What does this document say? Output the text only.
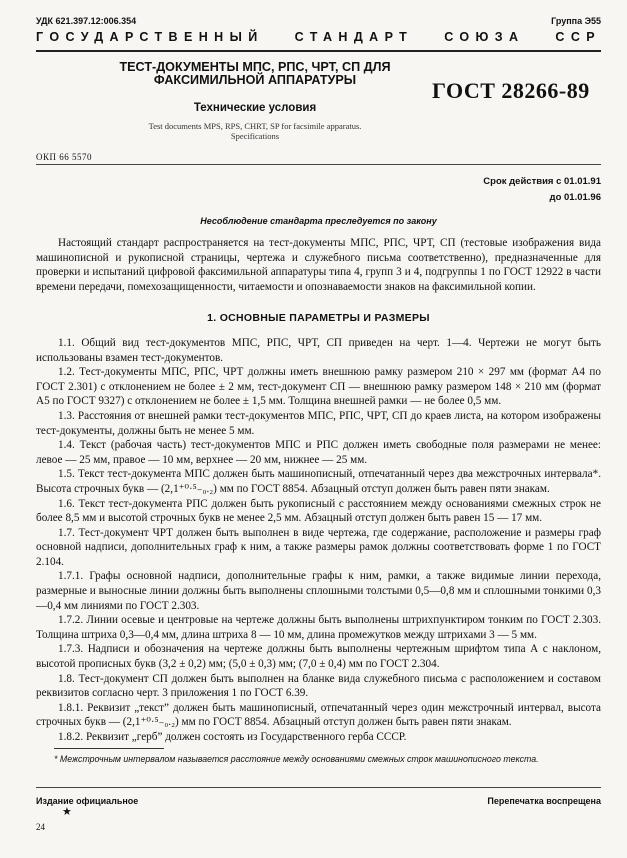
УДК 621.397.12:006.354	Группа Э55
ГОСУДАРСТВЕННЫЙ СТАНДАРТ СОЮЗА ССР
ТЕСТ-ДОКУМЕНТЫ МПС, РПС, ЧРТ, СП ДЛЯ
ФАКСИМИЛЬНОЙ АППАРАТУРЫ	ГОСТ 28266-89
Технические условия
Test documents MPS, RPS, CHRT, SP for facsimile apparatus.
Specifications
ОКП 66 5570
Срок действия с 01.01.91
до 01.01.96
Несоблюдение стандарта преследуется по закону

Настоящий стандарт распространяется на тест-документы МПС, РПС, ЧРТ, СП (тестовые изображения вида машинописной и рукописной страницы, чертежа и служебного письма соответственно), предназначенные для проверки и испытаний цифровой факсимильной аппаратуры типа 4, групп 3 и 4, подгруппы 1 по ГОСТ 12922 в части времени передачи, помехозащищенности, читаемости и опознаваемости знаков на факсимильной копии.

1. ОСНОВНЫЕ ПАРАМЕТРЫ И РАЗМЕРЫ

1.1. Общий вид тест-документов МПС, РПС, ЧРТ, СП приведен на черт. 1—4. Чертежи не могут быть использованы взамен тест-документов.

1.2. Тест-документы МПС, РПС, ЧРТ должны иметь внешнюю рамку размером 210 × 297 мм (формат А4 по ГОСТ 2.301) с отклонением не более ± 2 мм, тест-документ СП — внешнюю рамку размером 148 × 210 мм (формат А5 по ГОСТ 9327) с отклонением не более ± 1,5 мм. Толщина внешней рамки — не более 0,5 мм.

1.3. Расстояния от внешней рамки тест-документов МПС, РПС, ЧРТ, СП до краев листа, на котором изображены тест-документы, должны быть не менее 5 мм.

1.4. Текст (рабочая часть) тест-документов МПС и РПС должен иметь свободные поля размерами не менее: левое — 25 мм, правое — 10 мм, верхнее — 20 мм, нижнее — 25 мм.

1.5. Текст тест-документа МПС должен быть машинописный, отпечатанный через два межстрочных интервала*. Высота строчных букв — (2,1⁺⁰·⁵₋₀.₂) мм по ГОСТ 8854. Абзацный отступ должен быть равен пяти знакам.

1.6. Текст тест-документа РПС должен быть рукописный с расстоянием между основаниями смежных строк не более 8,5 мм и высотой строчных букв не менее 2,5 мм. Абзацный отступ должен быть равен 15 — 17 мм.

1.7. Тест-документ ЧРТ должен быть выполнен в виде чертежа, где содержание, расположение и размеры граф основной надписи, дополнительных граф к ним, а также размеры рамок должны соответствовать форме 1 по ГОСТ 2.104.

1.7.1. Графы основной надписи, дополнительные графы к ним, рамки, а также видимые линии перехода, размерные и выносные линии должны быть выполнены сплошными толстыми 0,5—0,8 мм и сплошными тонкими 0,3—0,4 мм линиями по ГОСТ 2.303.

1.7.2. Линии осевые и центровые на чертеже должны быть выполнены штрихпунктиром тонким по ГОСТ 2.303. Толщина штриха 0,3—0,4 мм, длина штриха 8 — 10 мм, длина промежутков между штрихами 3 — 5 мм.

1.7.3. Надписи и обозначения на чертеже должны быть выполнены чертежным шрифтом типа А с наклоном, высотой прописных букв (3,2 ± 0,2) мм; (5,0 ± 0,3) мм; (7,0 ± 0,4) мм по ГОСТ 2.304.

1.8. Тест-документ СП должен быть выполнен на бланке вида служебного письма с расположением и составом реквизитов согласно черт. 3 приложения 1 по ГОСТ 6.39.

1.8.1. Реквизит „текст” должен быть машинописный, отпечатанный через один межстрочный интервал, высота строчных букв — (2,1⁺⁰·⁵₋₀.₂) мм по ГОСТ 8854. Абзацный отступ должен быть равен пяти знакам.

1.8.2. Реквизит „герб” должен состоять из Государственного герба СССР.

* Межстрочным интервалом называется расстояние между основаниями смежных строк машинописного текста.
Издание официальное
★
Перепечатка воспрещена
24
